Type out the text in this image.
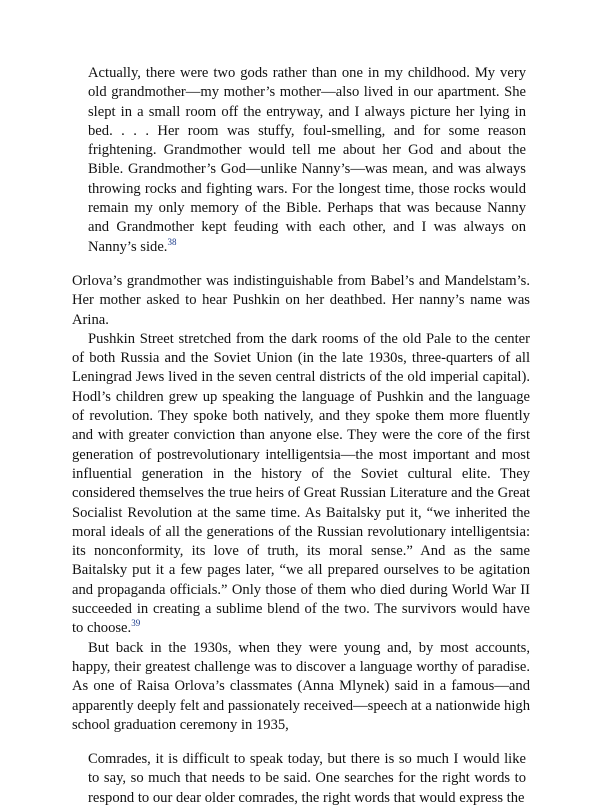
Actually, there were two gods rather than one in my childhood. My very old grandmother—my mother’s mother—also lived in our apartment. She slept in a small room off the entryway, and I always picture her lying in bed. . . . Her room was stuffy, foul-smelling, and for some reason frightening. Grandmother would tell me about her God and about the Bible. Grandmother’s God—unlike Nanny’s—was mean, and was always throwing rocks and fighting wars. For the longest time, those rocks would remain my only memory of the Bible. Perhaps that was because Nanny and Grandmother kept feuding with each other, and I was always on Nanny’s side.$^{38}$

Orlova’s grandmother was indistinguishable from Babel’s and Mandelstam’s. Her mother asked to hear Pushkin on her deathbed. Her nanny’s name was Arina.

Pushkin Street stretched from the dark rooms of the old Pale to the center of both Russia and the Soviet Union (in the late 1930s, three-quarters of all Leningrad Jews lived in the seven central districts of the old imperial capital). Hodl’s children grew up speaking the language of Pushkin and the language of revolution. They spoke both natively, and they spoke them more fluently and with greater conviction than anyone else. They were the core of the first generation of postrevolutionary intelligentsia—the most important and most influential generation in the history of the Soviet cultural elite. They considered themselves the true heirs of Great Russian Literature and the Great Socialist Revolution at the same time. As Baitalsky put it, “we inherited the moral ideals of all the generations of the Russian revolutionary intelligentsia: its nonconformity, its love of truth, its moral sense.” And as the same Baitalsky put it a few pages later, “we all prepared ourselves to be agitation and propaganda officials.” Only those of them who died during World War II succeeded in creating a sublime blend of the two. The survivors would have to choose.$^{39}$

But back in the 1930s, when they were young and, by most accounts, happy, their greatest challenge was to discover a language worthy of paradise. As one of Raisa Orlova’s classmates (Anna Mlynek) said in a famous—and apparently deeply felt and passionately received—speech at a nationwide high school graduation ceremony in 1935,

Comrades, it is difficult to speak today, but there is so much I would like to say, so much that needs to be said. One searches for the right words to respond to our dear older comrades, the right words that would express the
